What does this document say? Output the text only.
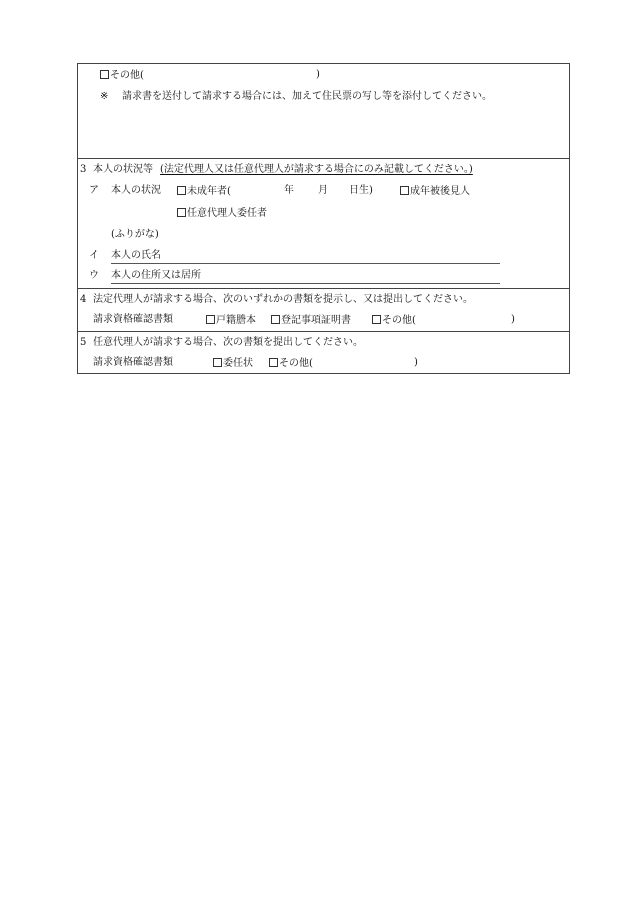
その他(	)
※ 請求書を送付して請求する場合には、加えて住民票の写し等を添付してください。
3 本人の状況等 (法定代理人又は任意代理人が請求する場合にのみ記載してください。)
ア 本人の状況	未成年者(	年 月 日生)	成年被後見人
任意代理人委任者
(ふりがな)
イ 本人の氏名
ウ 本人の住所又は居所
4 法定代理人が請求する場合、次のいずれかの書類を提示し、又は提出してください。
請求資格確認書類	戸籍謄本	登記事項証明書	その他(	)
5 任意代理人が請求する場合、次の書類を提出してください。
請求資格確認書類	委任状	その他(	)
